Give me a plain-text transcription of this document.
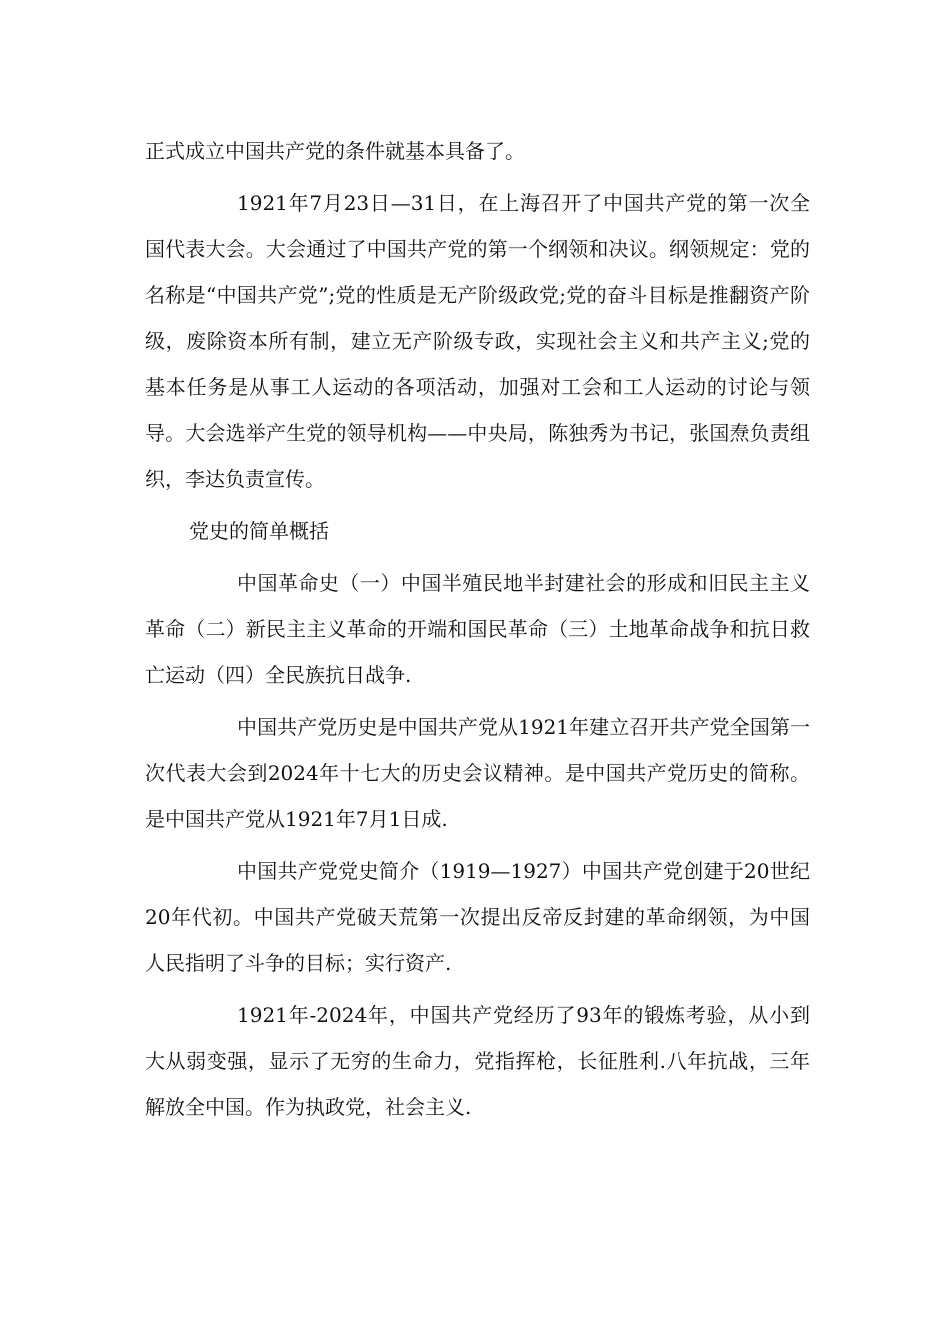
正式成立中国共产党的条件就基本具备了。

1921年7月23日—31日，在上海召开了中国共产党的第一次全国代表大会。大会通过了中国共产党的第一个纲领和决议。纲领规定：党的名称是“中国共产党”;党的性质是无产阶级政党;党的奋斗目标是推翻资产阶级，废除资本所有制，建立无产阶级专政，实现社会主义和共产主义;党的基本任务是从事工人运动的各项活动，加强对工会和工人运动的讨论与领导。大会选举产生党的领导机构——中央局，陈独秀为书记，张国焘负责组织，李达负责宣传。

党史的简单概括

中国革命史（一）中国半殖民地半封建社会的形成和旧民主主义革命（二）新民主主义革命的开端和国民革命（三）土地革命战争和抗日救亡运动（四）全民族抗日战争.

中国共产党历史是中国共产党从1921年建立召开共产党全国第一次代表大会到2024年十七大的历史会议精神。是中国共产党历史的简称。是中国共产党从1921年7月1日成.

中国共产党党史简介（1919—1927）中国共产党创建于20世纪20年代初。中国共产党破天荒第一次提出反帝反封建的革命纲领，为中国人民指明了斗争的目标；实行资产.

1921年-2024年，中国共产党经历了93年的锻炼考验，从小到大从弱变强，显示了无穷的生命力，党指挥枪，长征胜利.八年抗战，三年解放全中国。作为执政党，社会主义.
